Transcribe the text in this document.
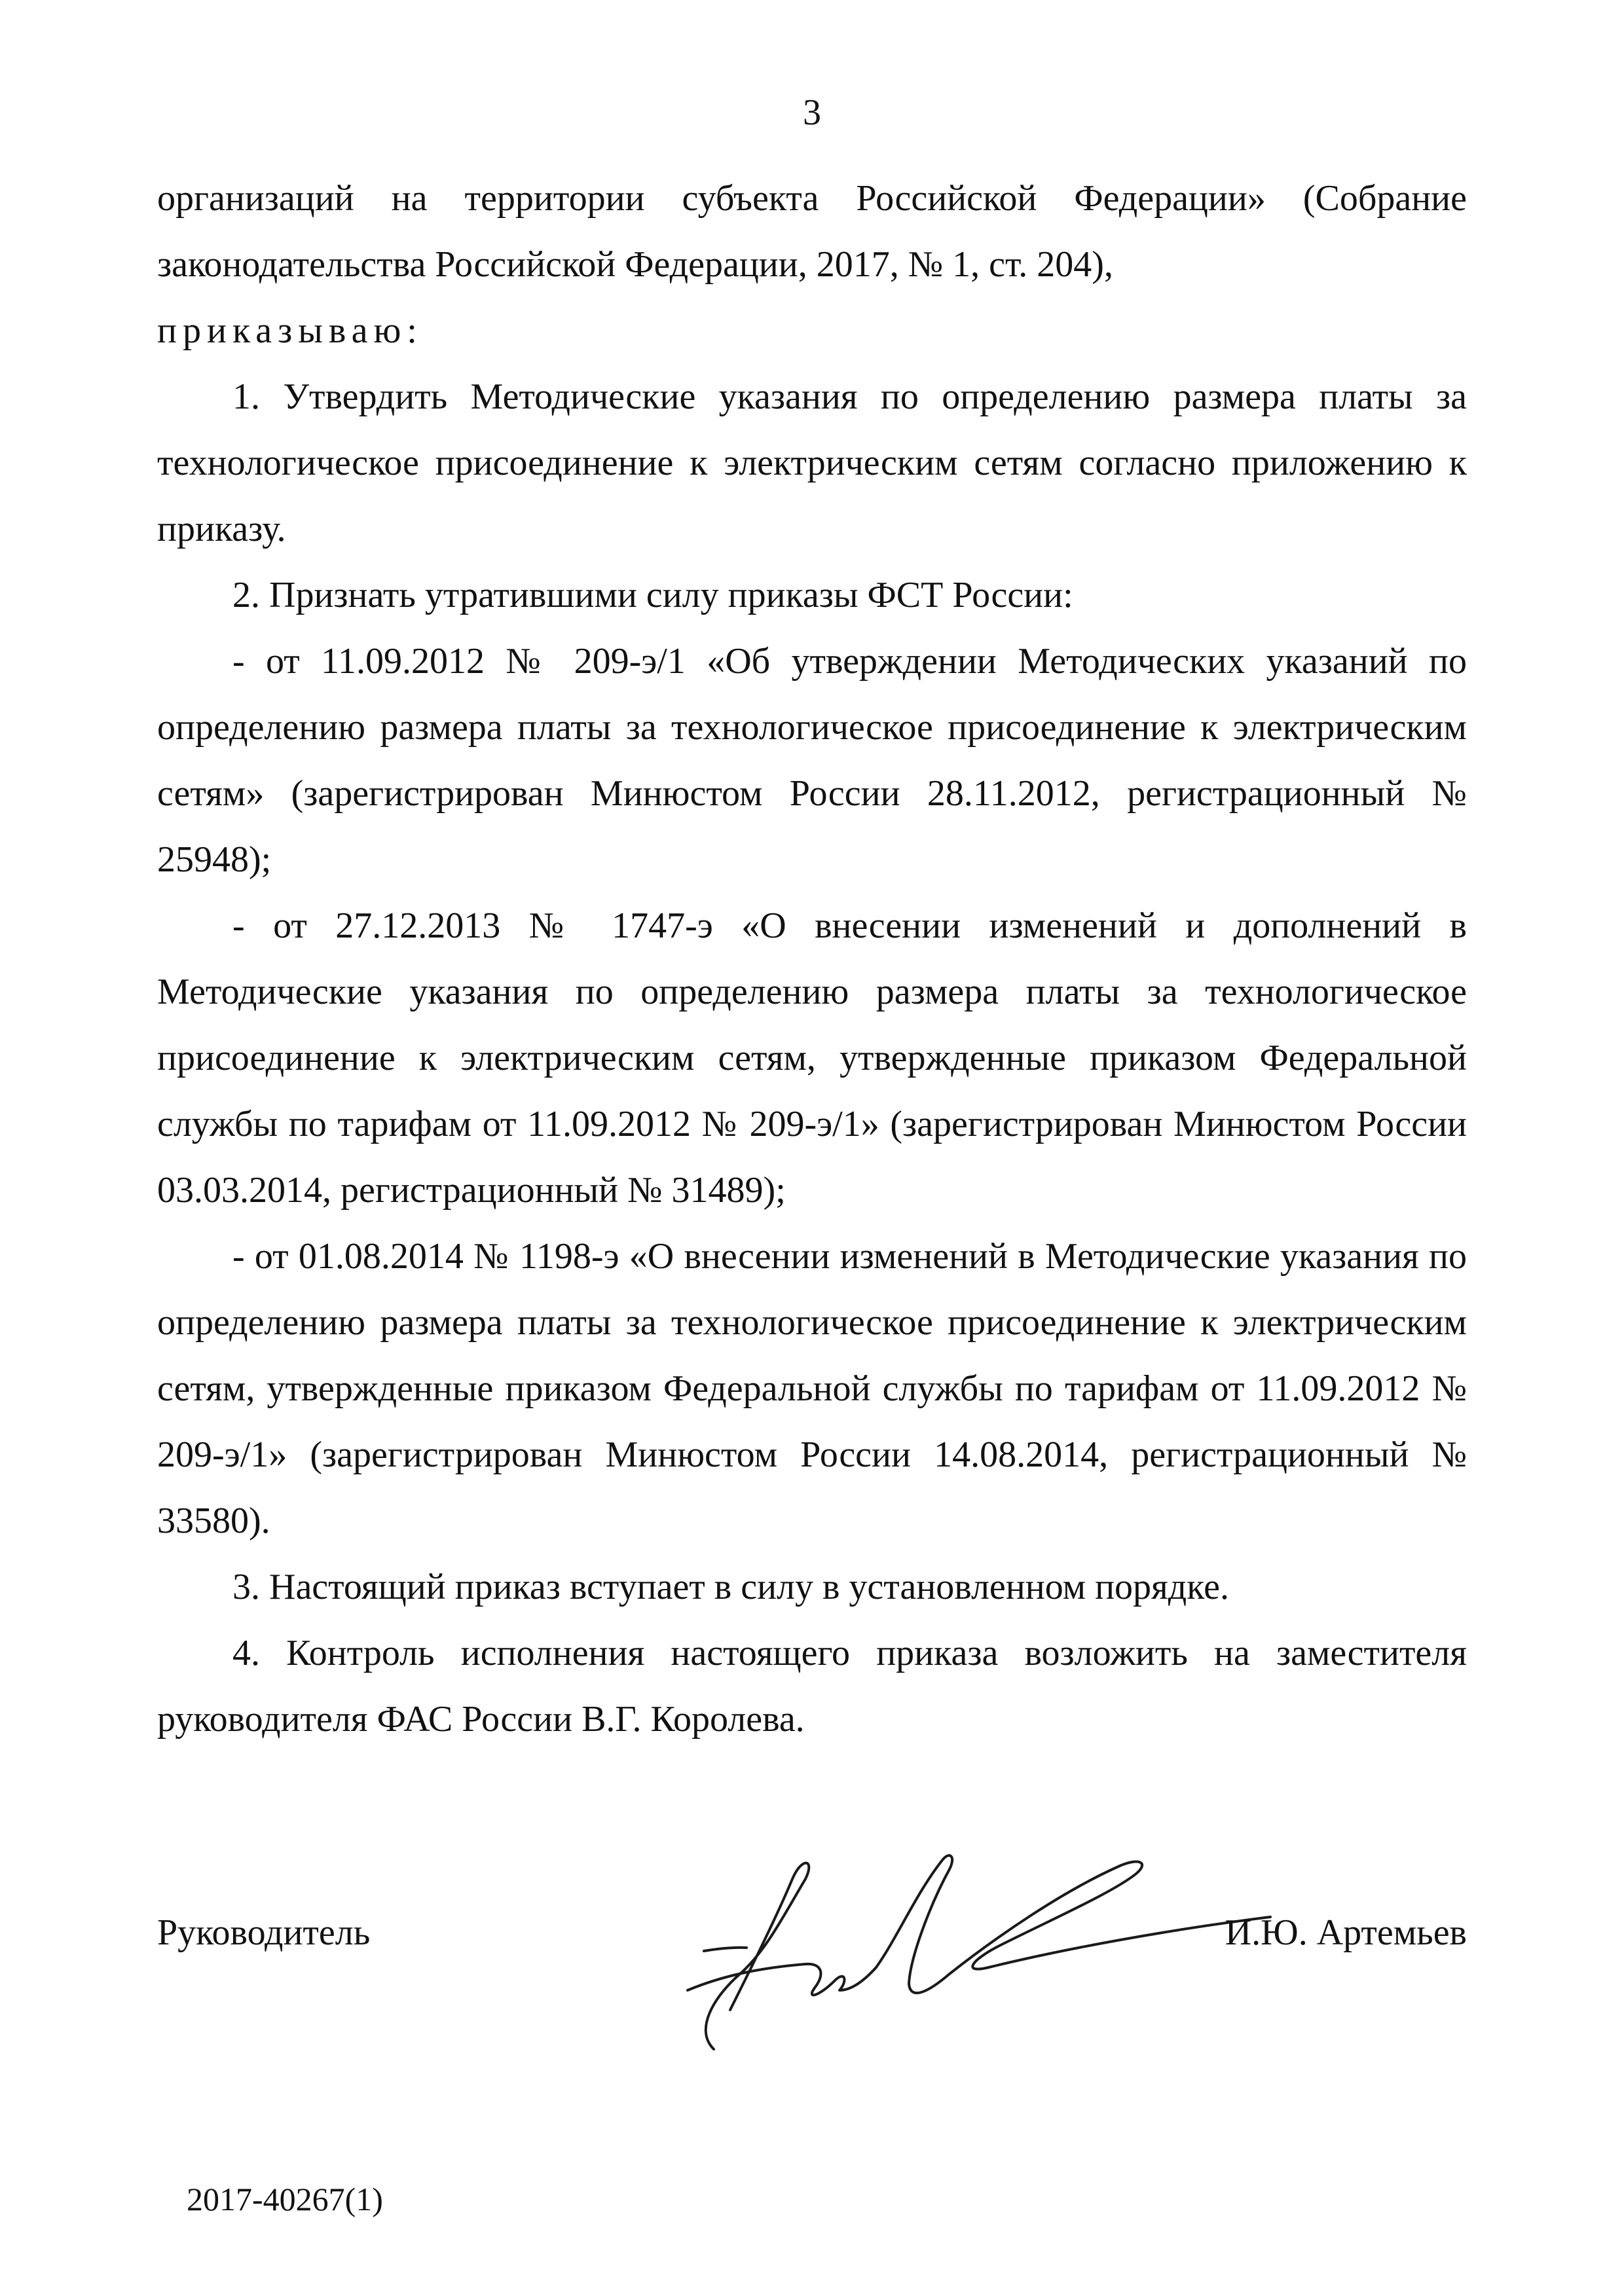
3

организаций на территории субъекта Российской Федерации» (Собрание законодательства Российской Федерации, 2017, № 1, ст. 204),

приказываю:

1. Утвердить Методические указания по определению размера платы за технологическое присоединение к электрическим сетям согласно приложению к приказу.

2. Признать утратившими силу приказы ФСТ России:

- от 11.09.2012 № 209-э/1 «Об утверждении Методических указаний по определению размера платы за технологическое присоединение к электрическим сетям» (зарегистрирован Минюстом России 28.11.2012, регистрационный № 25948);

- от 27.12.2013 № 1747-э «О внесении изменений и дополнений в Методические указания по определению размера платы за технологическое присоединение к электрическим сетям, утвержденные приказом Федеральной службы по тарифам от 11.09.2012 № 209-э/1» (зарегистрирован Минюстом России 03.03.2014, регистрационный № 31489);

- от 01.08.2014 № 1198-э «О внесении изменений в Методические указания по определению размера платы за технологическое присоединение к электрическим сетям, утвержденные приказом Федеральной службы по тарифам от 11.09.2012 № 209-э/1» (зарегистрирован Минюстом России 14.08.2014, регистрационный № 33580).

3. Настоящий приказ вступает в силу в установленном порядке.

4. Контроль исполнения настоящего приказа возложить на заместителя руководителя ФАС России В.Г. Королева.

Руководитель	И.Ю. Артемьев
2017-40267(1)
